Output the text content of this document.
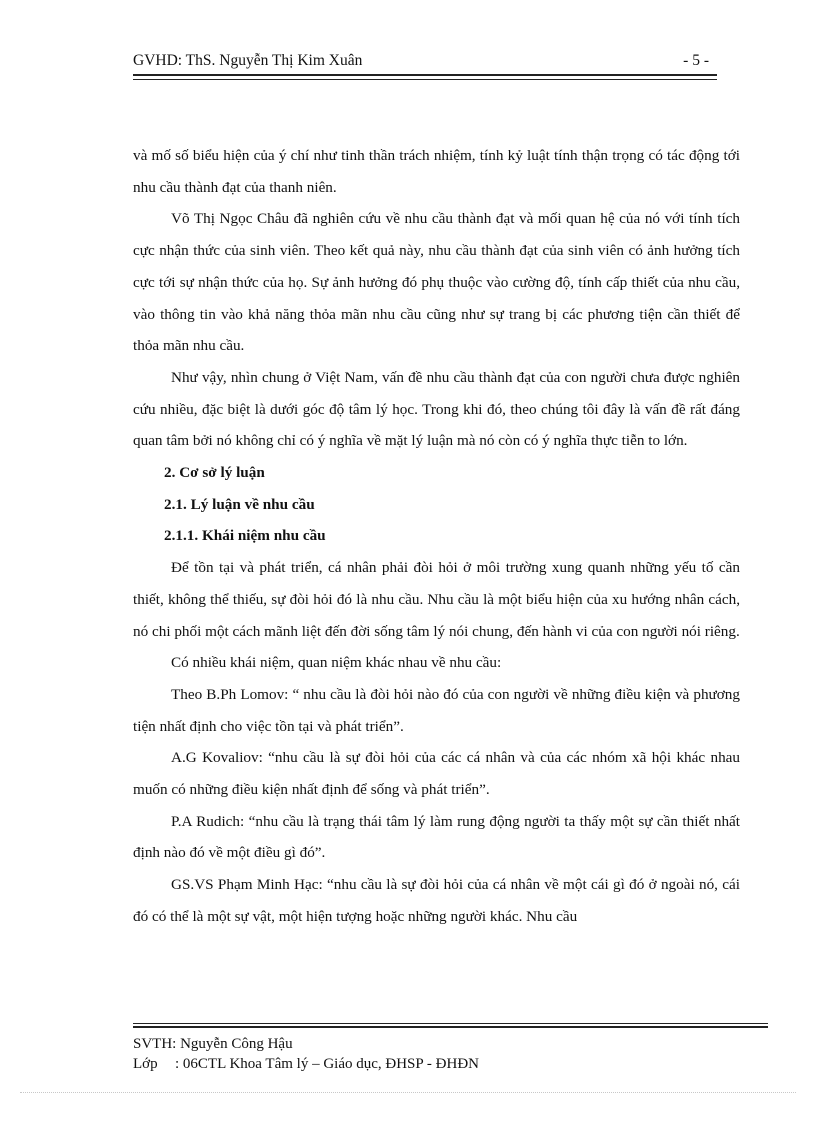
GVHD: ThS. Nguyễn Thị Kim Xuân	- 5 -

và mố số biểu hiện của ý chí như tinh thần trách nhiệm, tính kỷ luật tính thận trọng có tác động tới nhu cầu thành đạt của thanh niên.

Võ Thị Ngọc Châu đã nghiên cứu về nhu cầu thành đạt và mối quan hệ của nó với tính tích cực nhận thức của sinh viên. Theo kết quả này, nhu cầu thành đạt của sinh viên có ảnh hưởng tích cực tới sự nhận thức của họ. Sự ảnh hưởng đó phụ thuộc vào cường độ, tính cấp thiết của nhu cầu, vào thông tin vào khả năng thỏa mãn nhu cầu cũng như sự trang bị các phương tiện cần thiết để thỏa mãn nhu cầu.

Như vậy, nhìn chung ở Việt Nam, vấn đề nhu cầu thành đạt của con người chưa được nghiên cứu nhiều, đặc biệt là dưới góc độ tâm lý học. Trong khi đó, theo chúng tôi đây là vấn đề rất đáng quan tâm bởi nó không chỉ có ý nghĩa về mặt lý luận mà nó còn có ý nghĩa thực tiễn to lớn.

2. Cơ sở lý luận

2.1. Lý luận về nhu cầu

2.1.1. Khái niệm nhu cầu

Để tồn tại và phát triển, cá nhân phải đòi hỏi ở môi trường xung quanh những yếu tố cần thiết, không thể thiếu, sự đòi hỏi đó là nhu cầu. Nhu cầu là một biểu hiện của xu hướng nhân cách, nó chi phối một cách mãnh liệt đến đời sống tâm lý nói chung, đến hành vi của con người nói riêng.

Có nhiều khái niệm, quan niệm khác nhau về nhu cầu:

Theo B.Ph Lomov: “ nhu cầu là đòi hỏi nào đó của con người về những điều kiện và phương tiện nhất định cho việc tồn tại và phát triển”.

A.G Kovaliov: “nhu cầu là sự đòi hỏi của các cá nhân và của các nhóm xã hội khác nhau muốn có những điều kiện nhất định để sống và phát triển”.

P.A Rudich: “nhu cầu là trạng thái tâm lý làm rung động người ta thấy một sự cần thiết nhất định nào đó về một điều gì đó”.

GS.VS Phạm Minh Hạc: “nhu cầu là sự đòi hỏi của cá nhân về một cái gì đó ở ngoài nó, cái đó có thể là một sự vật, một hiện tượng hoặc những người khác. Nhu cầu

SVTH: Nguyễn Công Hậu
Lớp : 06CTL Khoa Tâm lý – Giáo dục, ĐHSP - ĐHĐN
